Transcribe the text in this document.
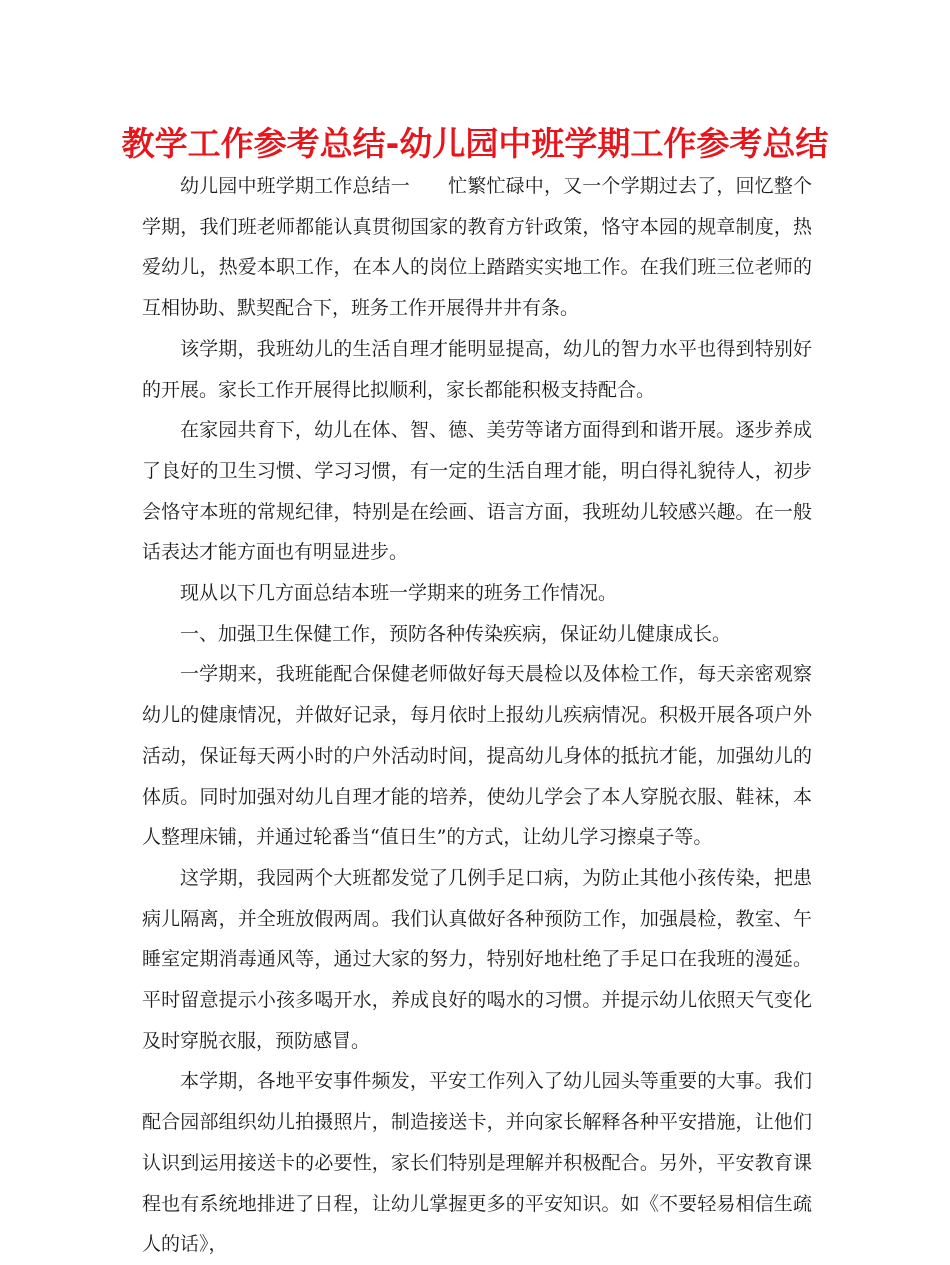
教学工作参考总结-幼儿园中班学期工作参考总结

幼儿园中班学期工作总结一　　忙繁忙碌中，又一个学期过去了，回忆整个学期，我们班老师都能认真贯彻国家的教育方针政策，恪守本园的规章制度，热爱幼儿，热爱本职工作，在本人的岗位上踏踏实实地工作。在我们班三位老师的互相协助、默契配合下，班务工作开展得井井有条。

该学期，我班幼儿的生活自理才能明显提高，幼儿的智力水平也得到特别好的开展。家长工作开展得比拟顺利，家长都能积极支持配合。

在家园共育下，幼儿在体、智、德、美劳等诸方面得到和谐开展。逐步养成了良好的卫生习惯、学习习惯，有一定的生活自理才能，明白得礼貌待人，初步会恪守本班的常规纪律，特别是在绘画、语言方面，我班幼儿较感兴趣。在一般话表达才能方面也有明显进步。

现从以下几方面总结本班一学期来的班务工作情况。

一、加强卫生保健工作，预防各种传染疾病，保证幼儿健康成长。

一学期来，我班能配合保健老师做好每天晨检以及体检工作，每天亲密观察幼儿的健康情况，并做好记录，每月依时上报幼儿疾病情况。积极开展各项户外活动，保证每天两小时的户外活动时间，提高幼儿身体的抵抗才能，加强幼儿的体质。同时加强对幼儿自理才能的培养，使幼儿学会了本人穿脱衣服、鞋袜，本人整理床铺，并通过轮番当“值日生”的方式，让幼儿学习擦桌子等。

这学期，我园两个大班都发觉了几例手足口病，为防止其他小孩传染，把患病儿隔离，并全班放假两周。我们认真做好各种预防工作，加强晨检，教室、午睡室定期消毒通风等，通过大家的努力，特别好地杜绝了手足口在我班的漫延。平时留意提示小孩多喝开水，养成良好的喝水的习惯。并提示幼儿依照天气变化及时穿脱衣服，预防感冒。

本学期，各地平安事件频发，平安工作列入了幼儿园头等重要的大事。我们配合园部组织幼儿拍摄照片，制造接送卡，并向家长解释各种平安措施，让他们认识到运用接送卡的必要性，家长们特别是理解并积极配合。另外，平安教育课程也有系统地排进了日程，让幼儿掌握更多的平安知识。如《不要轻易相信生疏人的话》，
